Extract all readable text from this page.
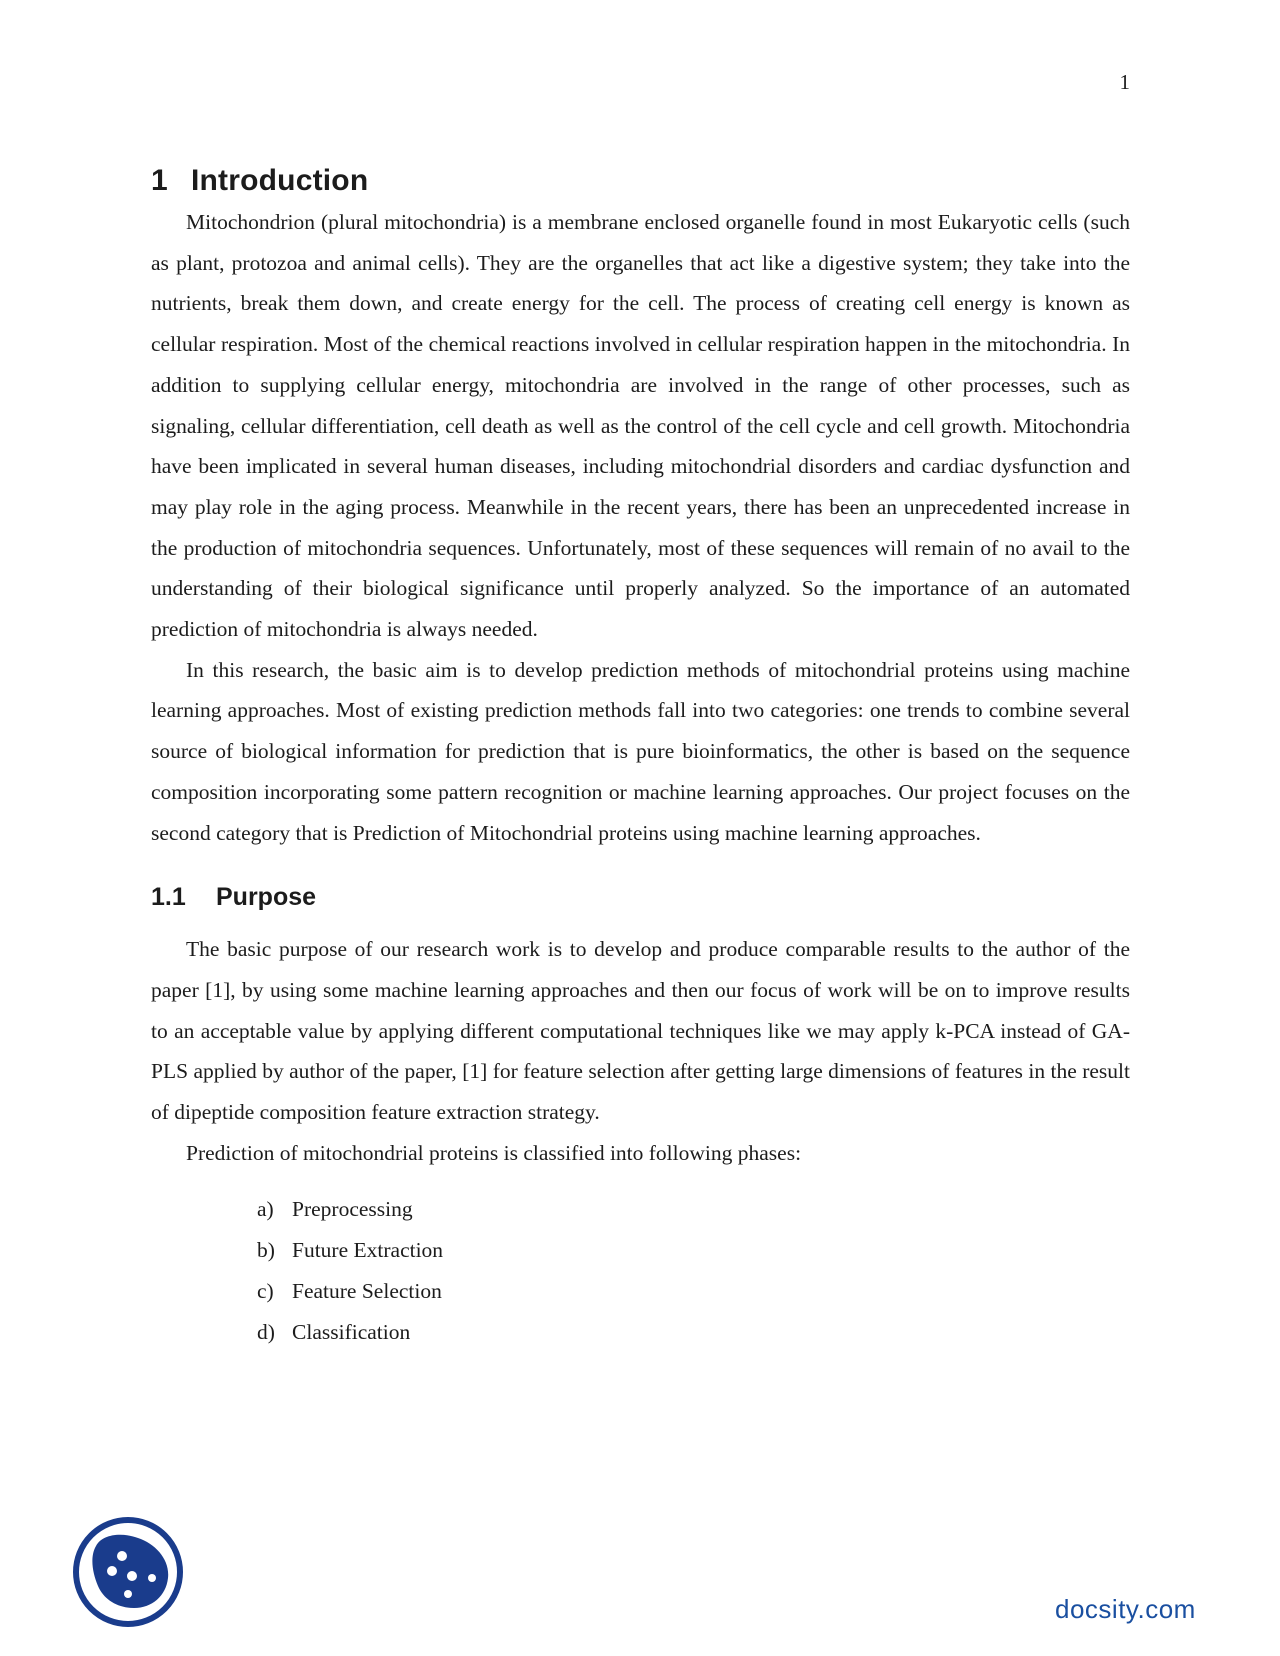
1
1 Introduction

Mitochondrion (plural mitochondria) is a membrane enclosed organelle found in most Eukaryotic cells (such as plant, protozoa and animal cells). They are the organelles that act like a digestive system; they take into the nutrients, break them down, and create energy for the cell. The process of creating cell energy is known as cellular respiration. Most of the chemical reactions involved in cellular respiration happen in the mitochondria. In addition to supplying cellular energy, mitochondria are involved in the range of other processes, such as signaling, cellular differentiation, cell death as well as the control of the cell cycle and cell growth. Mitochondria have been implicated in several human diseases, including mitochondrial disorders and cardiac dysfunction and may play role in the aging process. Meanwhile in the recent years, there has been an unprecedented increase in the production of mitochondria sequences. Unfortunately, most of these sequences will remain of no avail to the understanding of their biological significance until properly analyzed. So the importance of an automated prediction of mitochondria is always needed.

In this research, the basic aim is to develop prediction methods of mitochondrial proteins using machine learning approaches. Most of existing prediction methods fall into two categories: one trends to combine several source of biological information for prediction that is pure bioinformatics, the other is based on the sequence composition incorporating some pattern recognition or machine learning approaches. Our project focuses on the second category that is Prediction of Mitochondrial proteins using machine learning approaches.

1.1 Purpose

The basic purpose of our research work is to develop and produce comparable results to the author of the paper [1], by using some machine learning approaches and then our focus of work will be on to improve results to an acceptable value by applying different computational techniques like we may apply k-PCA instead of GA-PLS applied by author of the paper, [1] for feature selection after getting large dimensions of features in the result of dipeptide composition feature extraction strategy.

Prediction of mitochondrial proteins is classified into following phases:

a) Preprocessing
b) Future Extraction
c) Feature Selection
d) Classification
docsity.com
